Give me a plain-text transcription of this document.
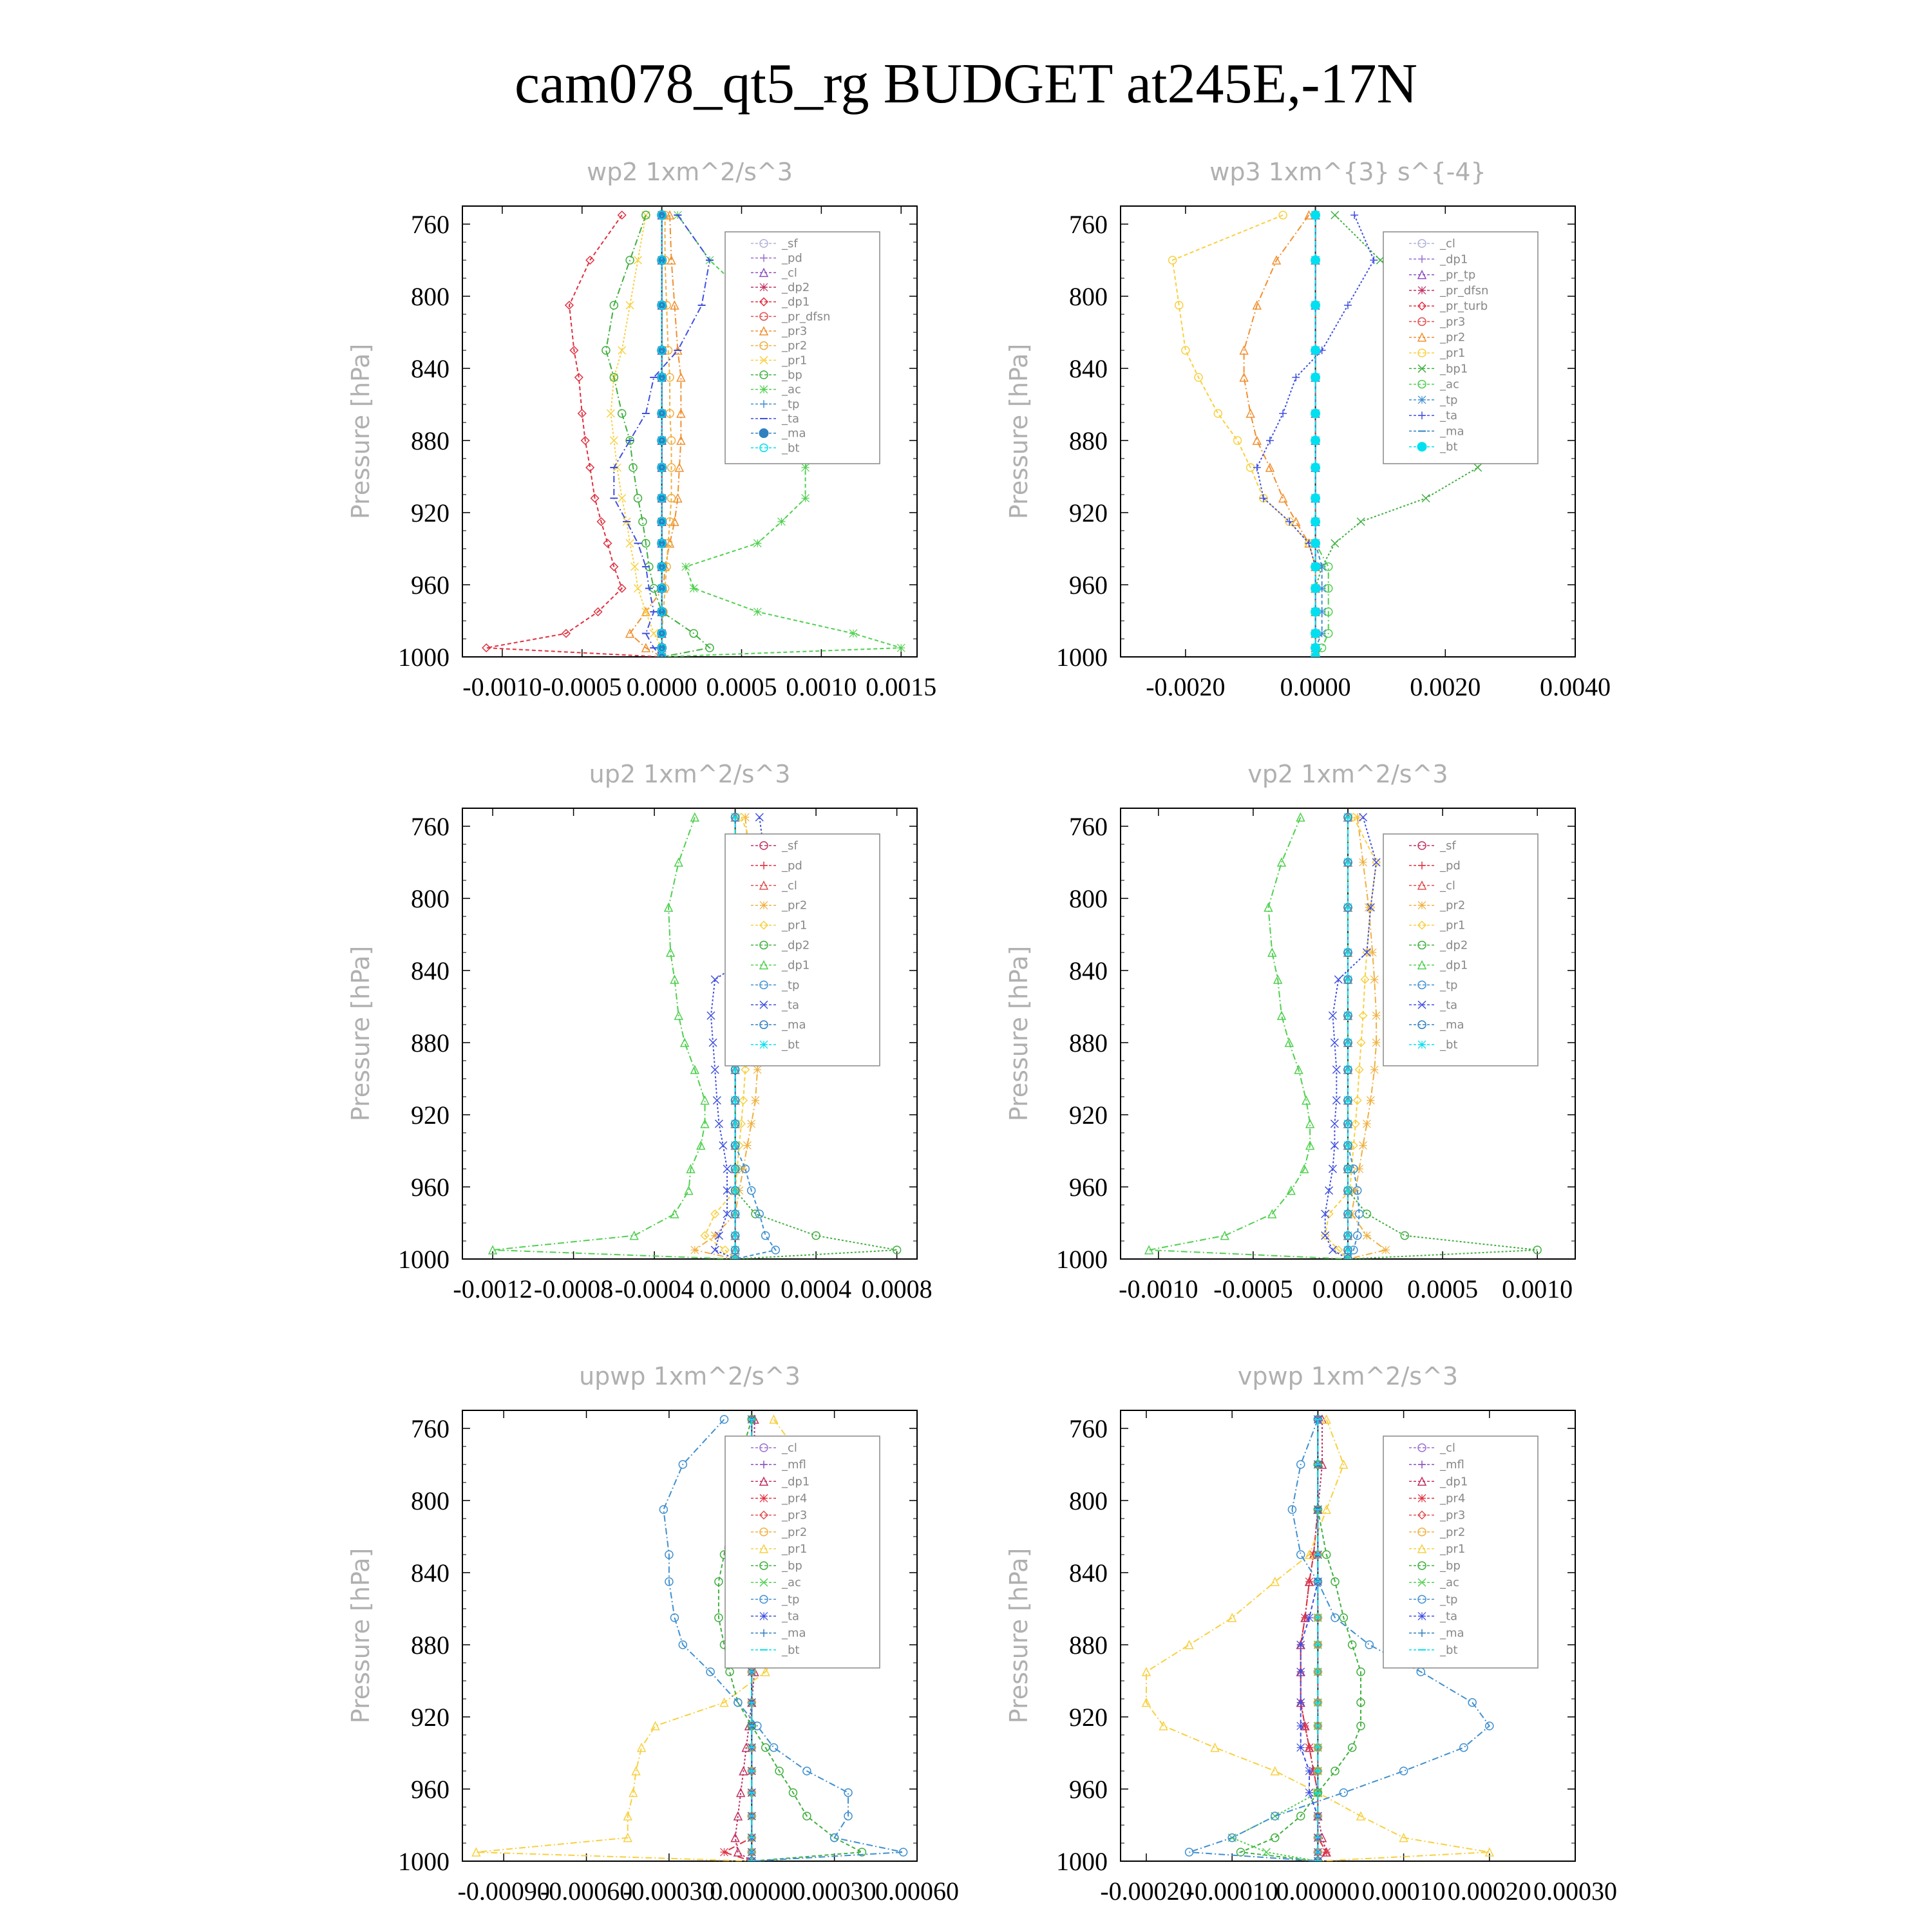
cam078_qt5_rg BUDGET at245E,-17N
wp2 1xm^2/s^3
Pressure [hPa]
760
800
840
880
920
960
1000
-0.0010 -0.0005 0.0000 0.0005 0.0010 0.0015
_sf
_pd
_cl
_dp2
_dp1
_pr_dfsn
_pr3
_pr2
_pr1
_bp
_ac
_tp
_ta
_ma
_bt
wp3 1xm^{3} s^{-4}
Pressure [hPa]
760
800
840
880
920
960
1000
-0.0020 0.0000 0.0020 0.0040
_cl
_dp1
_pr_tp
_pr_dfsn
_pr_turb
_pr3
_pr2
_pr1
_bp1
_ac
_tp
_ta
_ma
_bt
up2 1xm^2/s^3
Pressure [hPa]
760
800
840
880
920
960
1000
-0.0012 -0.0008 -0.0004 0.0000 0.0004 0.0008
_sf
_pd
_cl
_pr2
_pr1
_dp2
_dp1
_tp
_ta
_ma
_bt
vp2 1xm^2/s^3
Pressure [hPa]
760
800
840
880
920
960
1000
-0.0010 -0.0005 0.0000 0.0005 0.0010
_sf
_pd
_cl
_pr2
_pr1
_dp2
_dp1
_tp
_ta
_ma
_bt
upwp 1xm^2/s^3
Pressure [hPa]
760
800
840
880
920
960
1000
-0.00090
-0.00060
-0.00030
0.00000
0.00030
0.00060
_cl
_mfl
_dp1
_pr4
_pr3
_pr2
_pr1
_bp
_ac
_tp
_ta
_ma
_bt
vpwp 1xm^2/s^3
Pressure [hPa]
760
800
840
880
920
960
1000
-0.00020
-0.00010
0.00000 0.00010 0.00020 0.00030
_cl
_mfl
_dp1
_pr4
_pr3
_pr2
_pr1
_bp
_ac
_tp
_ta
_ma
_bt
